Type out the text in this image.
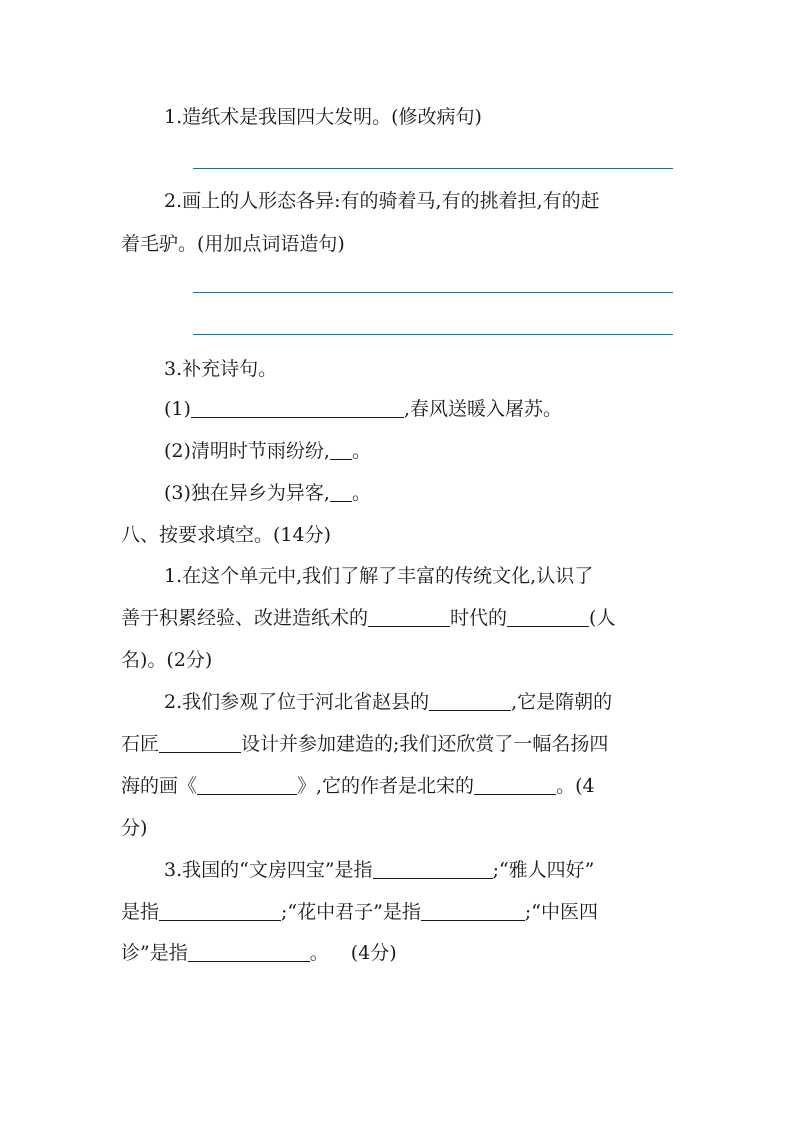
1.造纸术是我国四大发明。(修改病句)
2.画上的人形态各异:有的骑着马,有的挑着担,有的赶
着毛驴。(用加点词语造句)
3.补充诗句。
(1)	,春风送暖入屠苏。
(2)清明时节雨纷纷, 。
(3)独在异乡为异客, 。
八、按要求填空。(14分)
1.在这个单元中,我们了解了丰富的传统文化,认识了
善于积累经验、改进造纸术的	时代的	(人
名)。(2分)
2.我们参观了位于河北省赵县的	,它是隋朝的
石匠	设计并参加建造的;我们还欣赏了一幅名扬四
海的画《	》,它的作者是北宋的	。(4
分)
3.我国的“文房四宝”是指	;“雅人四好”
是指	;“花中君子”是指	;“中医四
诊”是指	。 (4分)
